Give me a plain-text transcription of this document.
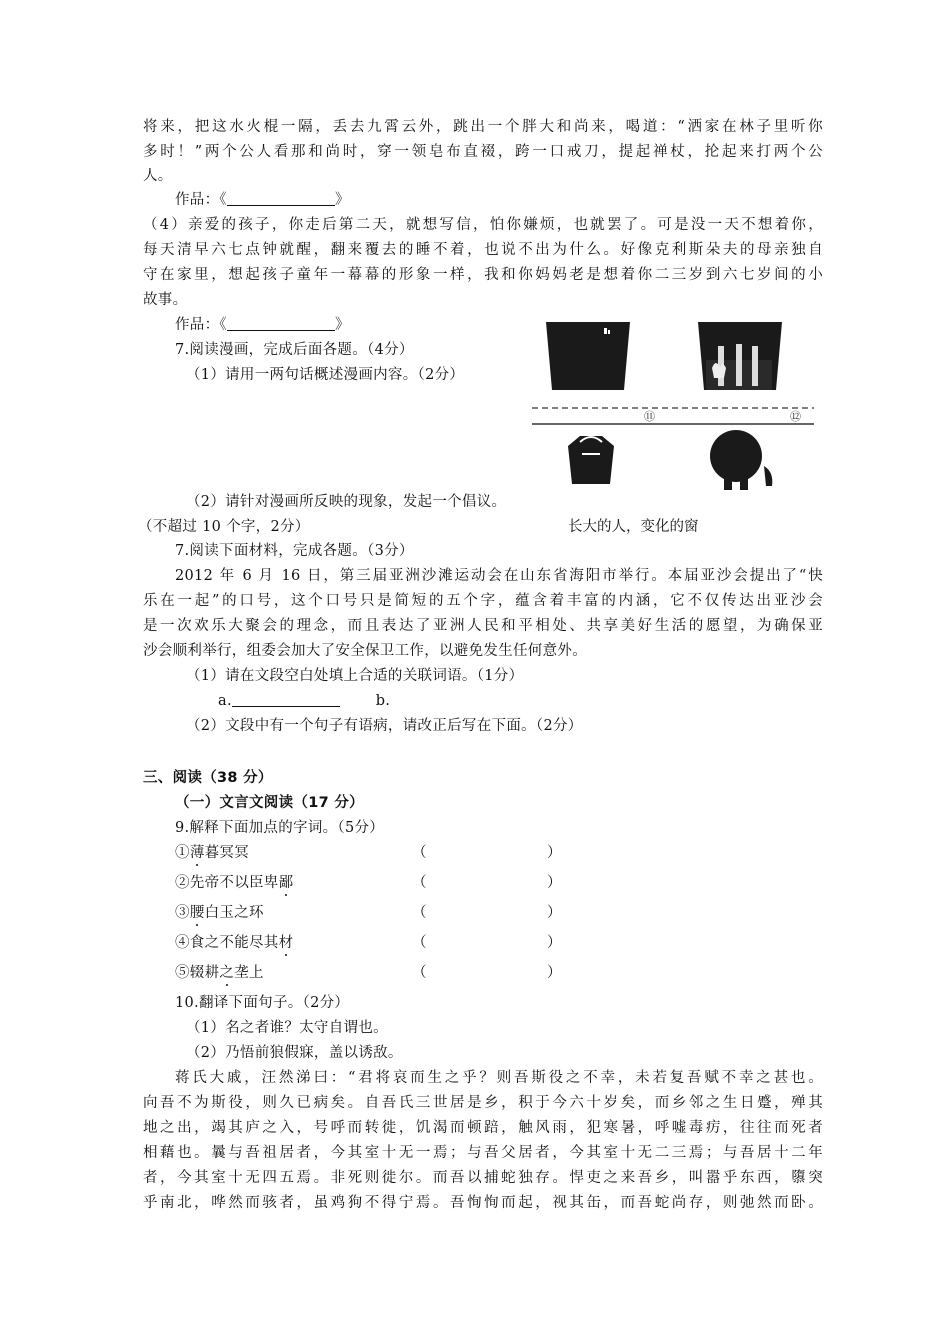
将来，把这水火棍一隔，丢去九霄云外，跳出一个胖大和尚来，喝道：“洒家在林子里听你
多时！”两个公人看那和尚时，穿一领皂布直裰，跨一口戒刀，提起禅杖，抡起来打两个公
人。
作品：《	》
（4）亲爱的孩子，你走后第二天，就想写信，怕你嫌烦，也就罢了。可是没一天不想着你，
每天清早六七点钟就醒，翻来覆去的睡不着，也说不出为什么。好像克利斯朵夫的母亲独自
守在家里，想起孩子童年一幕幕的形象一样，我和你妈妈老是想着你二三岁到六七岁间的小
故事。
作品：《	》
7.阅读漫画，完成后面各题。（4分）
（1）请用一两句话概述漫画内容。（2分）
⑪	⑫
（2）请针对漫画所反映的现象，发起一个倡议。
（不超过 10 个字，2分）	长大的人，变化的窗
7.阅读下面材料，完成各题。（3分）
2012 年 6 月 16 日，第三届亚洲沙滩运动会在山东省海阳市举行。本届亚沙会提出了“快
乐在一起”的口号，这个口号只是简短的五个字，蕴含着丰富的内涵，它不仅传达出亚沙会
是一次欢乐大聚会的理念，而且表达了亚洲人民和平相处、共享美好生活的愿望，为确保亚
沙会顺利举行，组委会加大了安全保卫工作，以避免发生任何意外。
（1）请在文段空白处填上合适的关联词语。（1分）
a.	b.
（2）文段中有一个句子有语病，请改正后写在下面。（2分）
三、阅读（38 分）
（一）文言文阅读（17 分）
9.解释下面加点的字词。（5分）
①薄暮冥冥	（	）
②先帝不以臣卑鄙	（	）
③腰白玉之环	（	）
④食之不能尽其材	（	）
⑤辍耕之垄上	（	）
10.翻译下面句子。（2分）
（1）名之者谁？太守自谓也。
（2）乃悟前狼假寐，盖以诱敌。
蒋氏大戚，汪然涕曰：“君将哀而生之乎？则吾斯役之不幸，未若复吾赋不幸之甚也。
向吾不为斯役，则久已病矣。自吾氏三世居是乡，积于今六十岁矣，而乡邻之生日蹙，殚其
地之出，竭其庐之入，号呼而转徙，饥渴而顿踣，触风雨，犯寒暑，呼嘘毒疠，往往而死者
相藉也。曩与吾祖居者，今其室十无一焉；与吾父居者，今其室十无二三焉；与吾居十二年
者，今其室十无四五焉。非死则徙尔。而吾以捕蛇独存。悍吏之来吾乡，叫嚣乎东西，隳突
乎南北，哗然而骇者，虽鸡狗不得宁焉。吾恂恂而起，视其缶，而吾蛇尚存，则弛然而卧。
